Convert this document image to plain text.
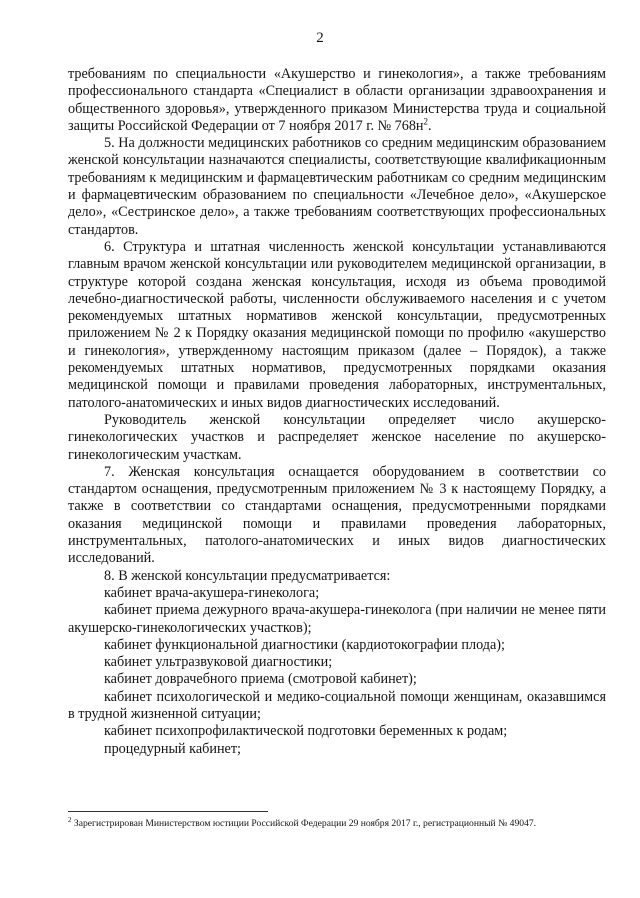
2

требованиям по специальности «Акушерство и гинекология», а также требованиям профессионального стандарта «Специалист в области организации здравоохранения и общественного здоровья», утвержденного приказом Министерства труда и социальной защиты Российской Федерации от 7 ноября 2017 г. № $768н^2$.

5. На должности медицинских работников со средним медицинским образованием женской консультации назначаются специалисты, соответствующие квалификационным требованиям к медицинским и фармацевтическим работникам со средним медицинским и фармацевтическим образованием по специальности «Лечебное дело», «Акушерское дело», «Сестринское дело», а также требованиям соответствующих профессиональных стандартов.

6. Структура и штатная численность женской консультации устанавливаются главным врачом женской консультации или руководителем медицинской организации, в структуре которой создана женская консультация, исходя из объема проводимой лечебно-диагностической работы, численности обслуживаемого населения и с учетом рекомендуемых штатных нормативов женской консультации, предусмотренных приложением № 2 к Порядку оказания медицинской помощи по профилю «акушерство и гинекология», утвержденному настоящим приказом (далее – Порядок), а также рекомендуемых штатных нормативов, предусмотренных порядками оказания медицинской помощи и правилами проведения лабораторных, инструментальных, патолого-анатомических и иных видов диагностических исследований.

Руководитель женской консультации определяет число акушерско-гинекологических участков и распределяет женское население по акушерско-гинекологическим участкам.

7. Женская консультация оснащается оборудованием в соответствии со стандартом оснащения, предусмотренным приложением № 3 к настоящему Порядку, а также в соответствии со стандартами оснащения, предусмотренными порядками оказания медицинской помощи и правилами проведения лабораторных, инструментальных, патолого-анатомических и иных видов диагностических исследований.

8. В женской консультации предусматривается:

кабинет врача-акушера-гинеколога;

кабинет приема дежурного врача-акушера-гинеколога (при наличии не менее пяти акушерско-гинекологических участков);

кабинет функциональной диагностики (кардиотокографии плода);

кабинет ультразвуковой диагностики;

кабинет доврачебного приема (смотровой кабинет);

кабинет психологической и медико-социальной помощи женщинам, оказавшимся в трудной жизненной ситуации;

кабинет психопрофилактической подготовки беременных к родам;

процедурный кабинет;

$^2$ Зарегистрирован Министерством юстиции Российской Федерации 29 ноября 2017 г., регистрационный № 49047.
